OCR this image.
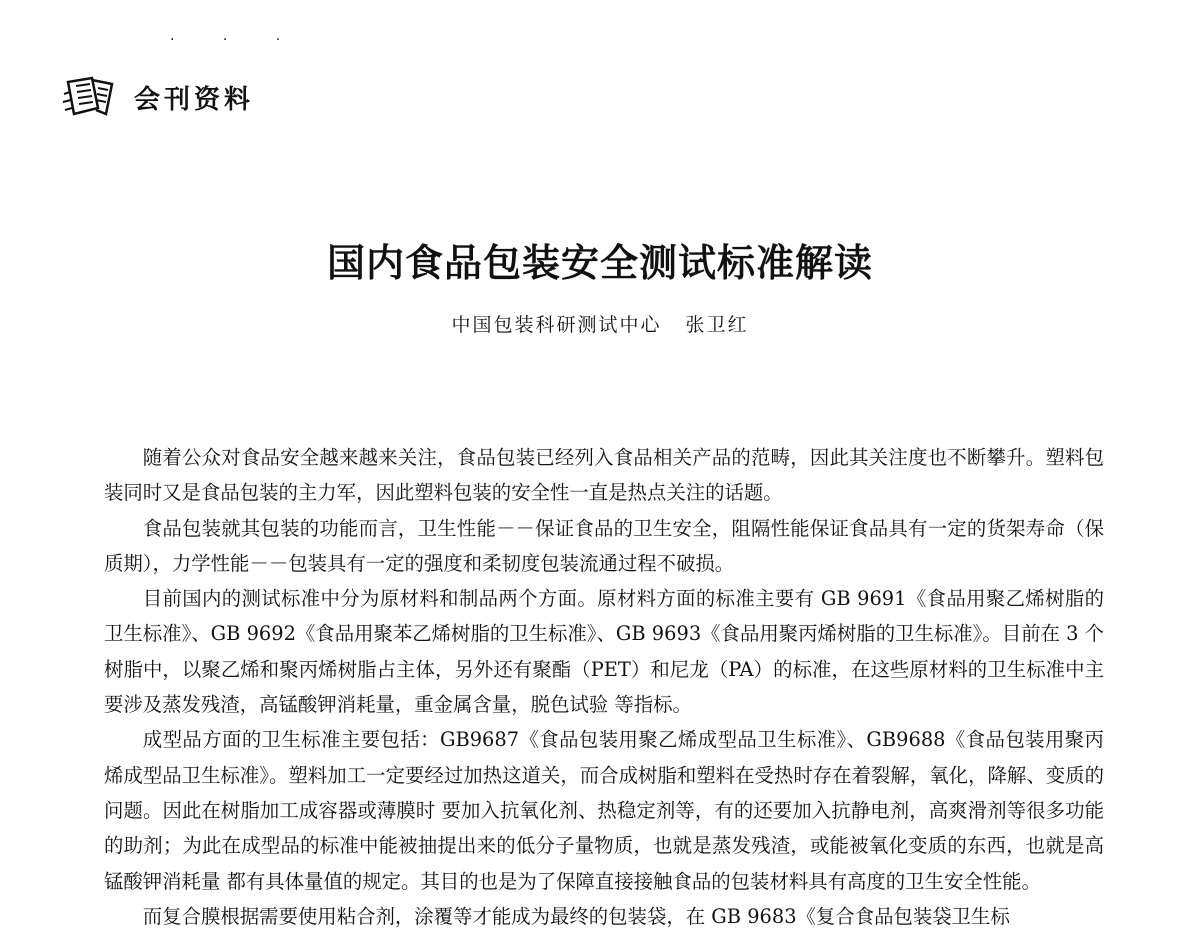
. . .
会刊资料
国内食品包装安全测试标准解读
中国包装科研测试中心 张卫红

随着公众对食品安全越来越来关注，食品包装已经列入食品相关产品的范畴，因此其关注度也不断攀升。塑料包装同时又是食品包装的主力军，因此塑料包装的安全性一直是热点关注的话题。

食品包装就其包装的功能而言，卫生性能－－保证食品的卫生安全，阻隔性能保证食品具有一定的货架寿命（保质期），力学性能－－包装具有一定的强度和柔韧度包装流通过程不破损。

目前国内的测试标准中分为原材料和制品两个方面。原材料方面的标准主要有 GB 9691《食品用聚乙烯树脂的卫生标准》、GB 9692《食品用聚苯乙烯树脂的卫生标准》、GB 9693《食品用聚丙烯树脂的卫生标准》。目前在 3 个树脂中，以聚乙烯和聚丙烯树脂占主体，另外还有聚酯（PET）和尼龙（PA）的标准，在这些原材料的卫生标准中主要涉及蒸发残渣，高锰酸钾消耗量，重金属含量，脱色试验 等指标。

成型品方面的卫生标准主要包括：GB9687《食品包装用聚乙烯成型品卫生标准》、GB9688《食品包装用聚丙烯成型品卫生标准》。塑料加工一定要经过加热这道关，而合成树脂和塑料在受热时存在着裂解，氧化，降解、变质的问题。因此在树脂加工成容器或薄膜时 要加入抗氧化剂、热稳定剂等，有的还要加入抗静电剂，高爽滑剂等很多功能的助剂；为此在成型品的标准中能被抽提出来的低分子量物质，也就是蒸发残渣，或能被氧化变质的东西，也就是高锰酸钾消耗量 都有具体量值的规定。其目的也是为了保障直接接触食品的包装材料具有高度的卫生安全性能。

而复合膜根据需要使用粘合剂，涂覆等才能成为最终的包装袋，在 GB 9683《复合食品包装袋卫生标
